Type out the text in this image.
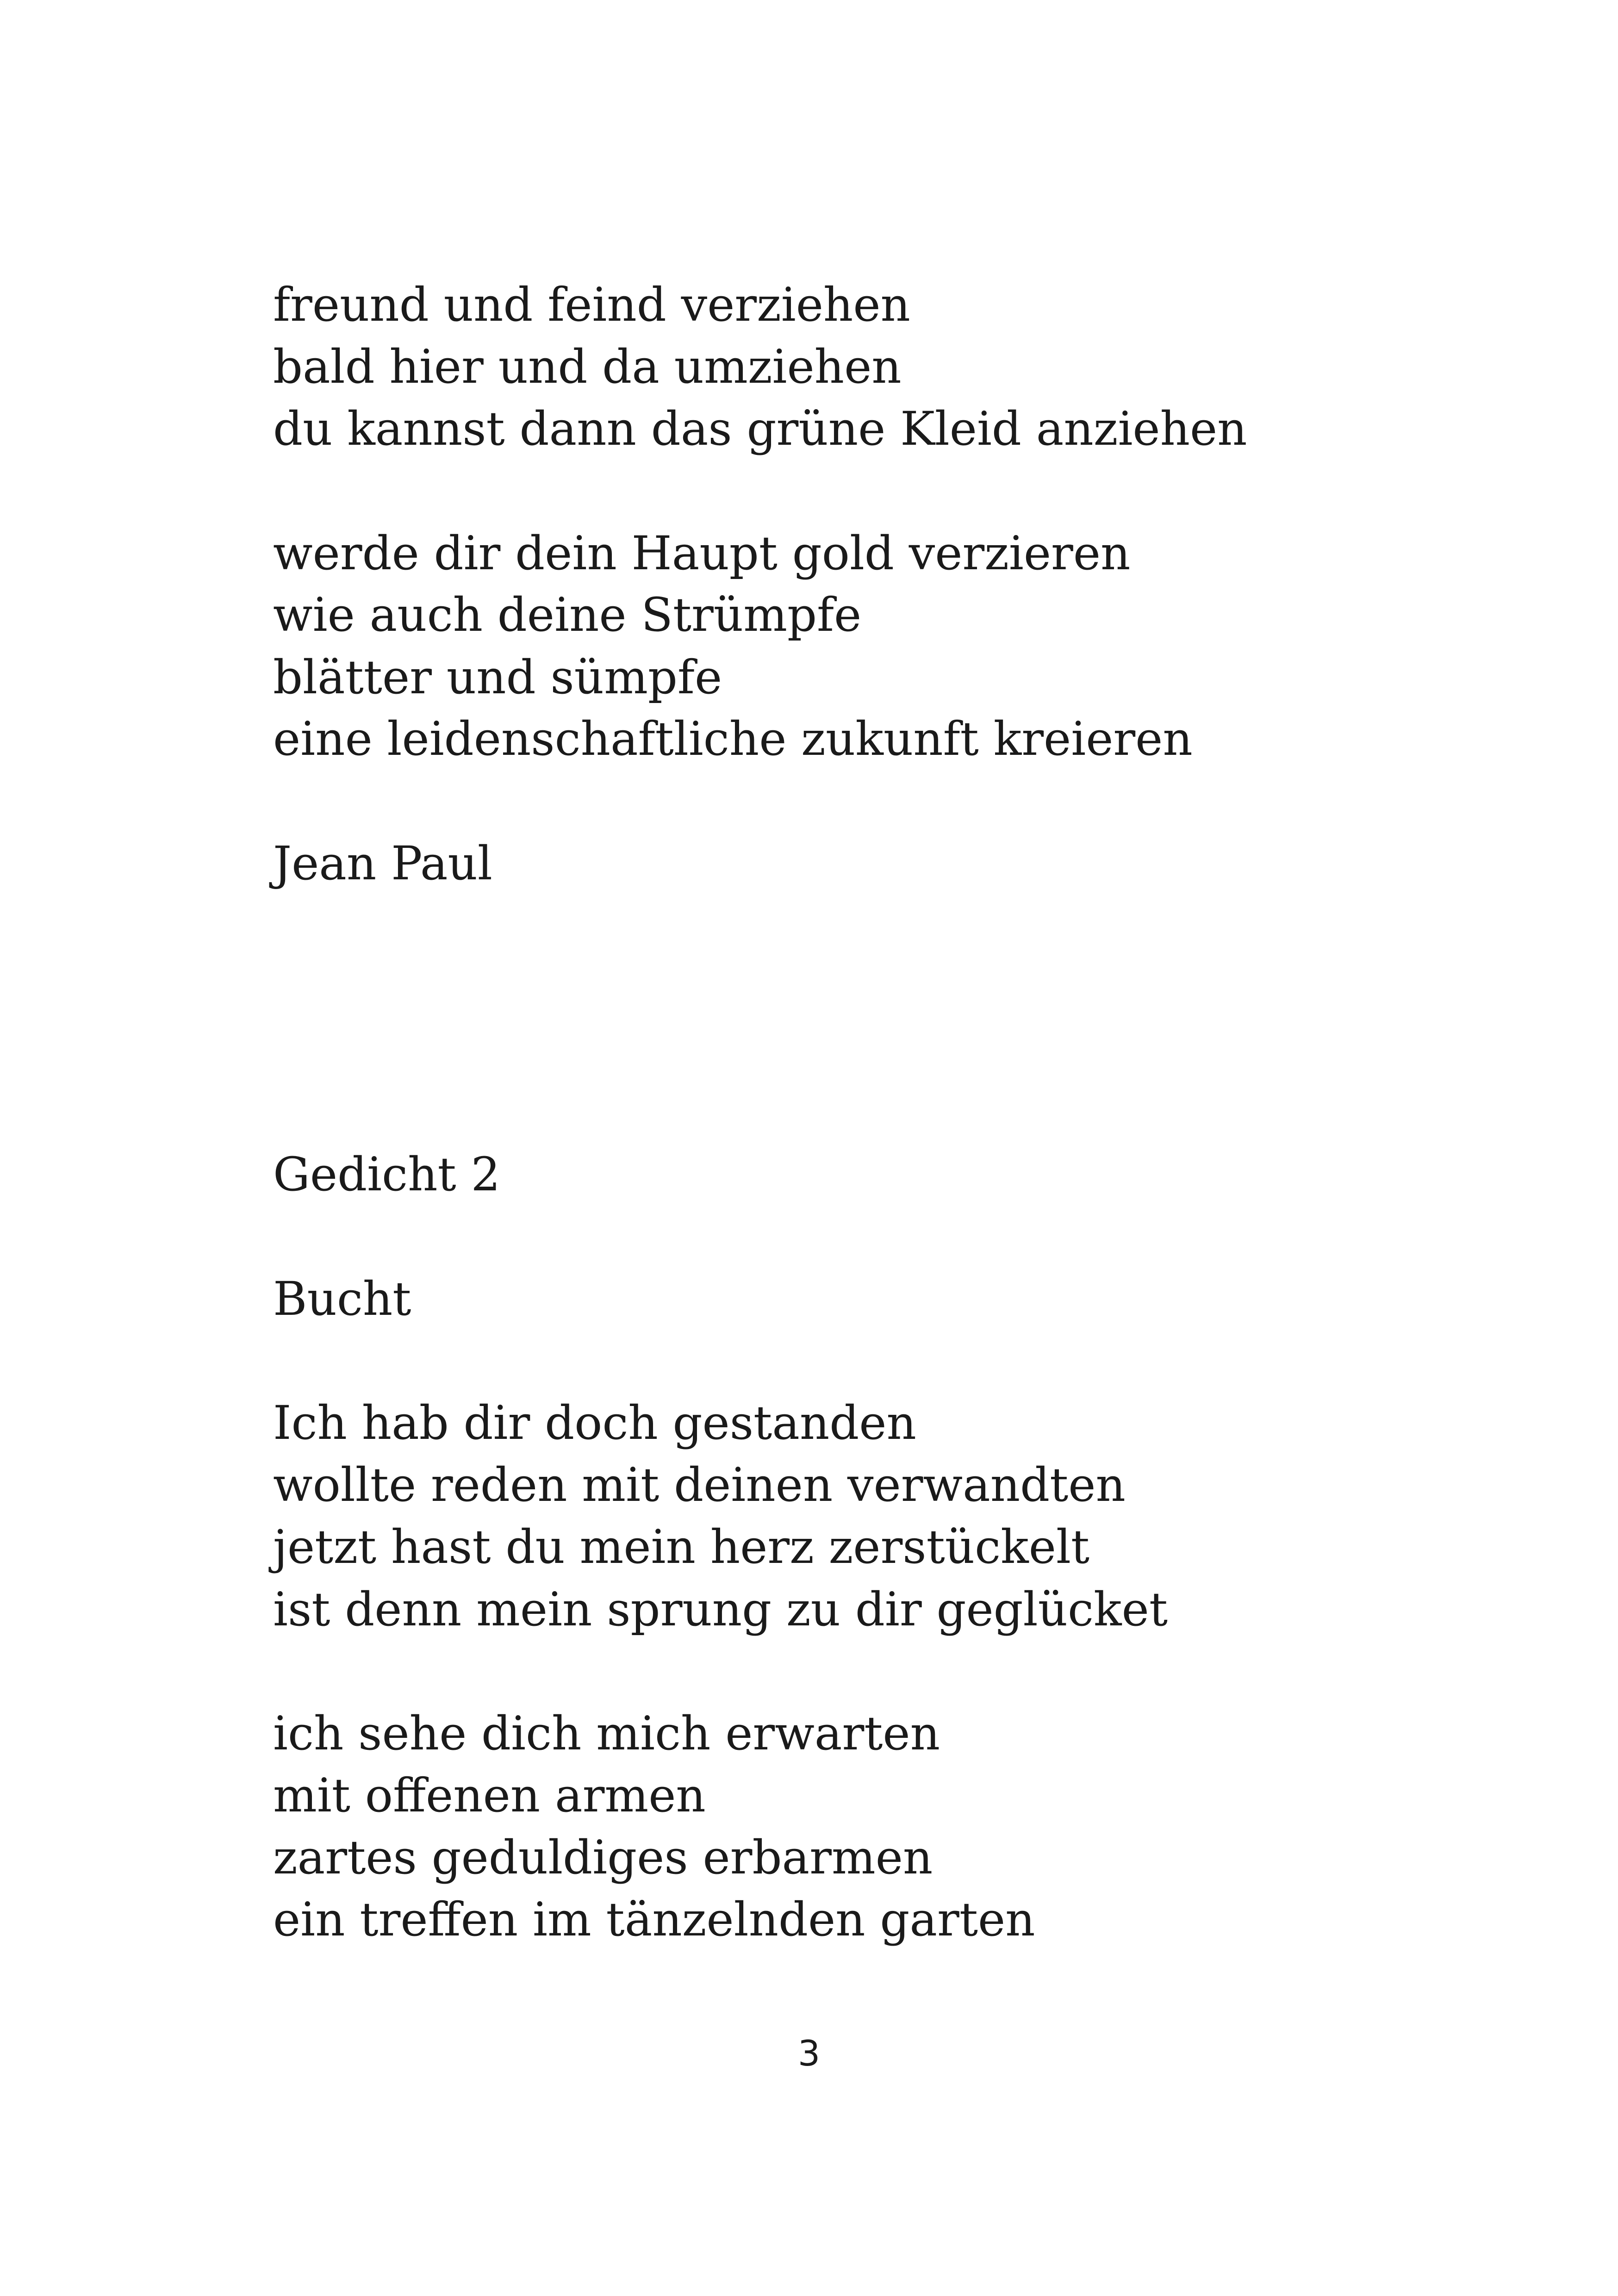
freund und feind verziehen
bald hier und da umziehen
du kannst dann das grüne Kleid anziehen
werde dir dein Haupt gold verzieren
wie auch deine Strümpfe
blätter und sümpfe
eine leidenschaftliche zukunft kreieren
Jean Paul
Gedicht 2
Bucht
Ich hab dir doch gestanden
wollte reden mit deinen verwandten
jetzt hast du mein herz zerstückelt
ist denn mein sprung zu dir geglücket
ich sehe dich mich erwarten
mit offenen armen
zartes geduldiges erbarmen
ein treffen im tänzelnden garten
3
